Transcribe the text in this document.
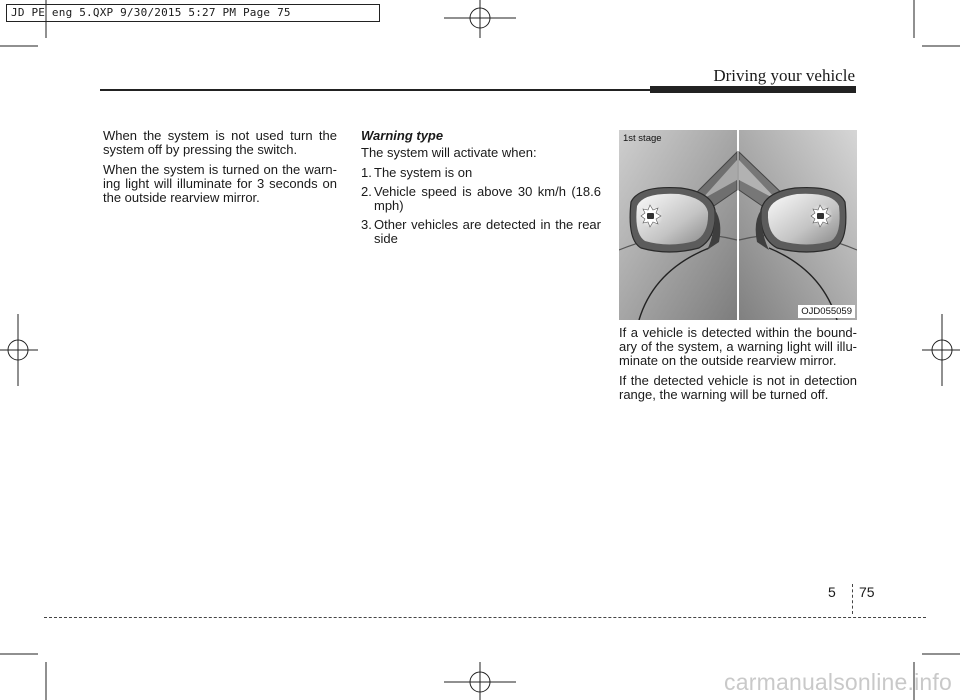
JD PE eng 5.QXP 9/30/2015 5:27 PM Page 75
Driving your vehicle

When the system is not used turn the system off by pressing the switch.

When the system is turned on the warn-ing light will illuminate for 3 seconds on the outside rearview mirror.

Warning type
The system will activate when:
1. The system is on
2. Vehicle speed is above 30 km/h (18.6 mph)
3. Other vehicles are detected in the rear side
1st stage
OJD055059

If a vehicle is detected within the bound-ary of the system, a warning light will illu-minate on the outside rearview mirror.

If the detected vehicle is not in detection range, the warning will be turned off.

5 75
carmanualsonline.info
